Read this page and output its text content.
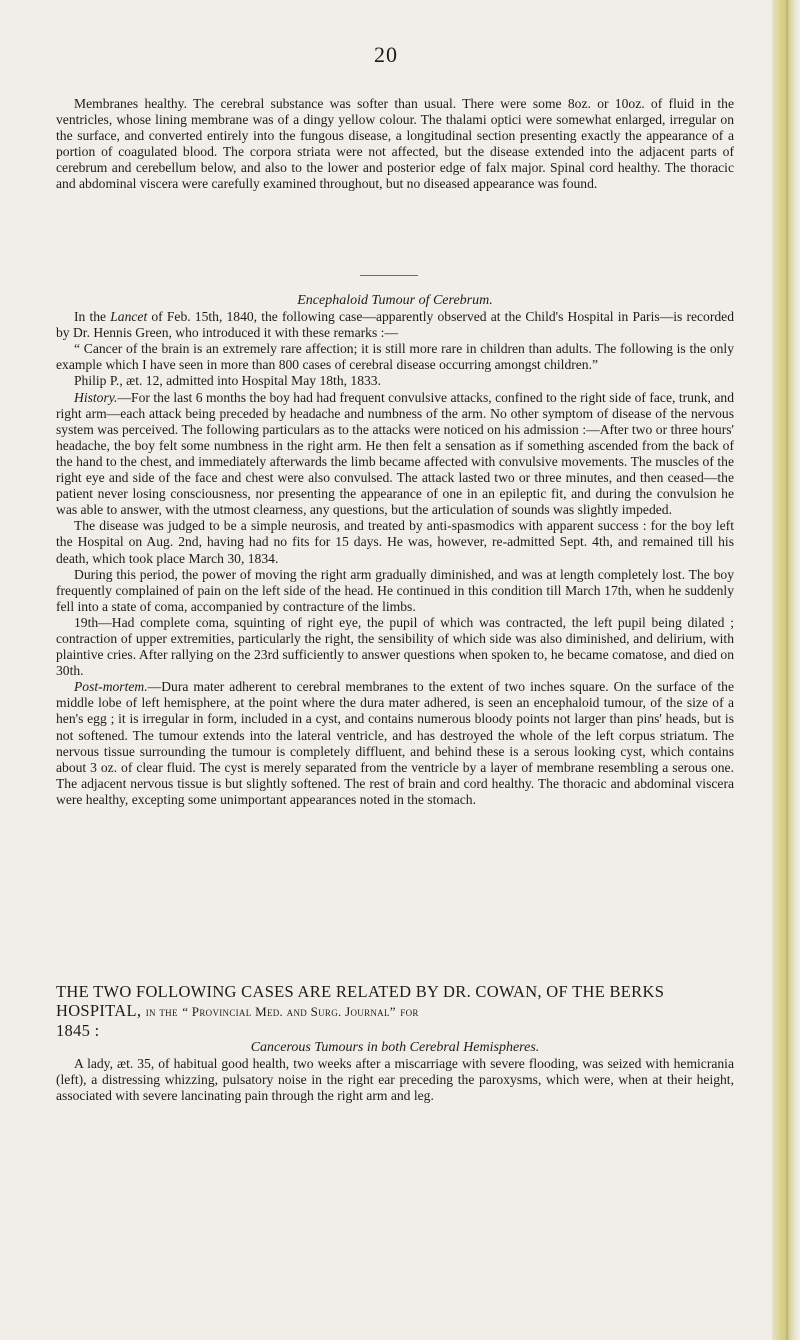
20

Membranes healthy. The cerebral substance was softer than usual. There were some 8oz. or 10oz. of fluid in the ventricles, whose lining membrane was of a dingy yellow colour. The thalami optici were somewhat enlarged, irregular on the surface, and converted entirely into the fungous disease, a longitudinal section presenting exactly the appearance of a portion of coagulated blood. The corpora striata were not affected, but the disease extended into the adjacent parts of cerebrum and cerebellum below, and also to the lower and posterior edge of falx major. Spinal cord healthy. The thoracic and abdominal viscera were carefully examined throughout, but no diseased appearance was found.

Encephaloid Tumour of Cerebrum.

In the Lancet of Feb. 15th, 1840, the following case—apparently observed at the Child's Hospital in Paris—is recorded by Dr. Hennis Green, who introduced it with these remarks :—

“ Cancer of the brain is an extremely rare affection; it is still more rare in children than adults. The following is the only example which I have seen in more than 800 cases of cerebral disease occurring amongst children.”

Philip P., æt. 12, admitted into Hospital May 18th, 1833.

History.—For the last 6 months the boy had had frequent convulsive attacks, confined to the right side of face, trunk, and right arm—each attack being preceded by headache and numbness of the arm. No other symptom of disease of the nervous system was perceived. The following particulars as to the attacks were noticed on his admission :—After two or three hours' headache, the boy felt some numbness in the right arm. He then felt a sensation as if something ascended from the back of the hand to the chest, and immediately afterwards the limb became affected with convulsive movements. The muscles of the right eye and side of the face and chest were also convulsed. The attack lasted two or three minutes, and then ceased—the patient never losing consciousness, nor presenting the appearance of one in an epileptic fit, and during the convulsion he was able to answer, with the utmost clearness, any questions, but the articulation of sounds was slightly impeded.

The disease was judged to be a simple neurosis, and treated by anti-spasmodics with apparent success : for the boy left the Hospital on Aug. 2nd, having had no fits for 15 days. He was, however, re-admitted Sept. 4th, and remained till his death, which took place March 30, 1834.

During this period, the power of moving the right arm gradually diminished, and was at length completely lost. The boy frequently complained of pain on the left side of the head. He continued in this condition till March 17th, when he suddenly fell into a state of coma, accompanied by contracture of the limbs.

19th—Had complete coma, squinting of right eye, the pupil of which was contracted, the left pupil being dilated ; contraction of upper extremities, particularly the right, the sensibility of which side was also diminished, and delirium, with plaintive cries. After rallying on the 23rd sufficiently to answer questions when spoken to, he became comatose, and died on 30th.

Post-mortem.—Dura mater adherent to cerebral membranes to the extent of two inches square. On the surface of the middle lobe of left hemisphere, at the point where the dura mater adhered, is seen an encephaloid tumour, of the size of a hen's egg ; it is irregular in form, included in a cyst, and contains numerous bloody points not larger than pins' heads, but is not softened. The tumour extends into the lateral ventricle, and has destroyed the whole of the left corpus striatum. The nervous tissue surrounding the tumour is completely diffluent, and behind these is a serous looking cyst, which contains about 3 oz. of clear fluid. The cyst is merely separated from the ventricle by a layer of membrane resembling a serous one. The adjacent nervous tissue is but slightly softened. The rest of brain and cord healthy. The thoracic and abdominal viscera were healthy, excepting some unimportant appearances noted in the stomach.

THE TWO FOLLOWING CASES ARE RELATED BY DR. COWAN, OF THE BERKS HOSPITAL, in the “ Provincial Med. and Surg. Journal” for
1845 :

Cancerous Tumours in both Cerebral Hemispheres.

A lady, æt. 35, of habitual good health, two weeks after a miscarriage with severe flooding, was seized with hemicrania (left), a distressing whizzing, pulsatory noise in the right ear preceding the paroxysms, which were, when at their height, associated with severe lancinating pain through the right arm and leg.
